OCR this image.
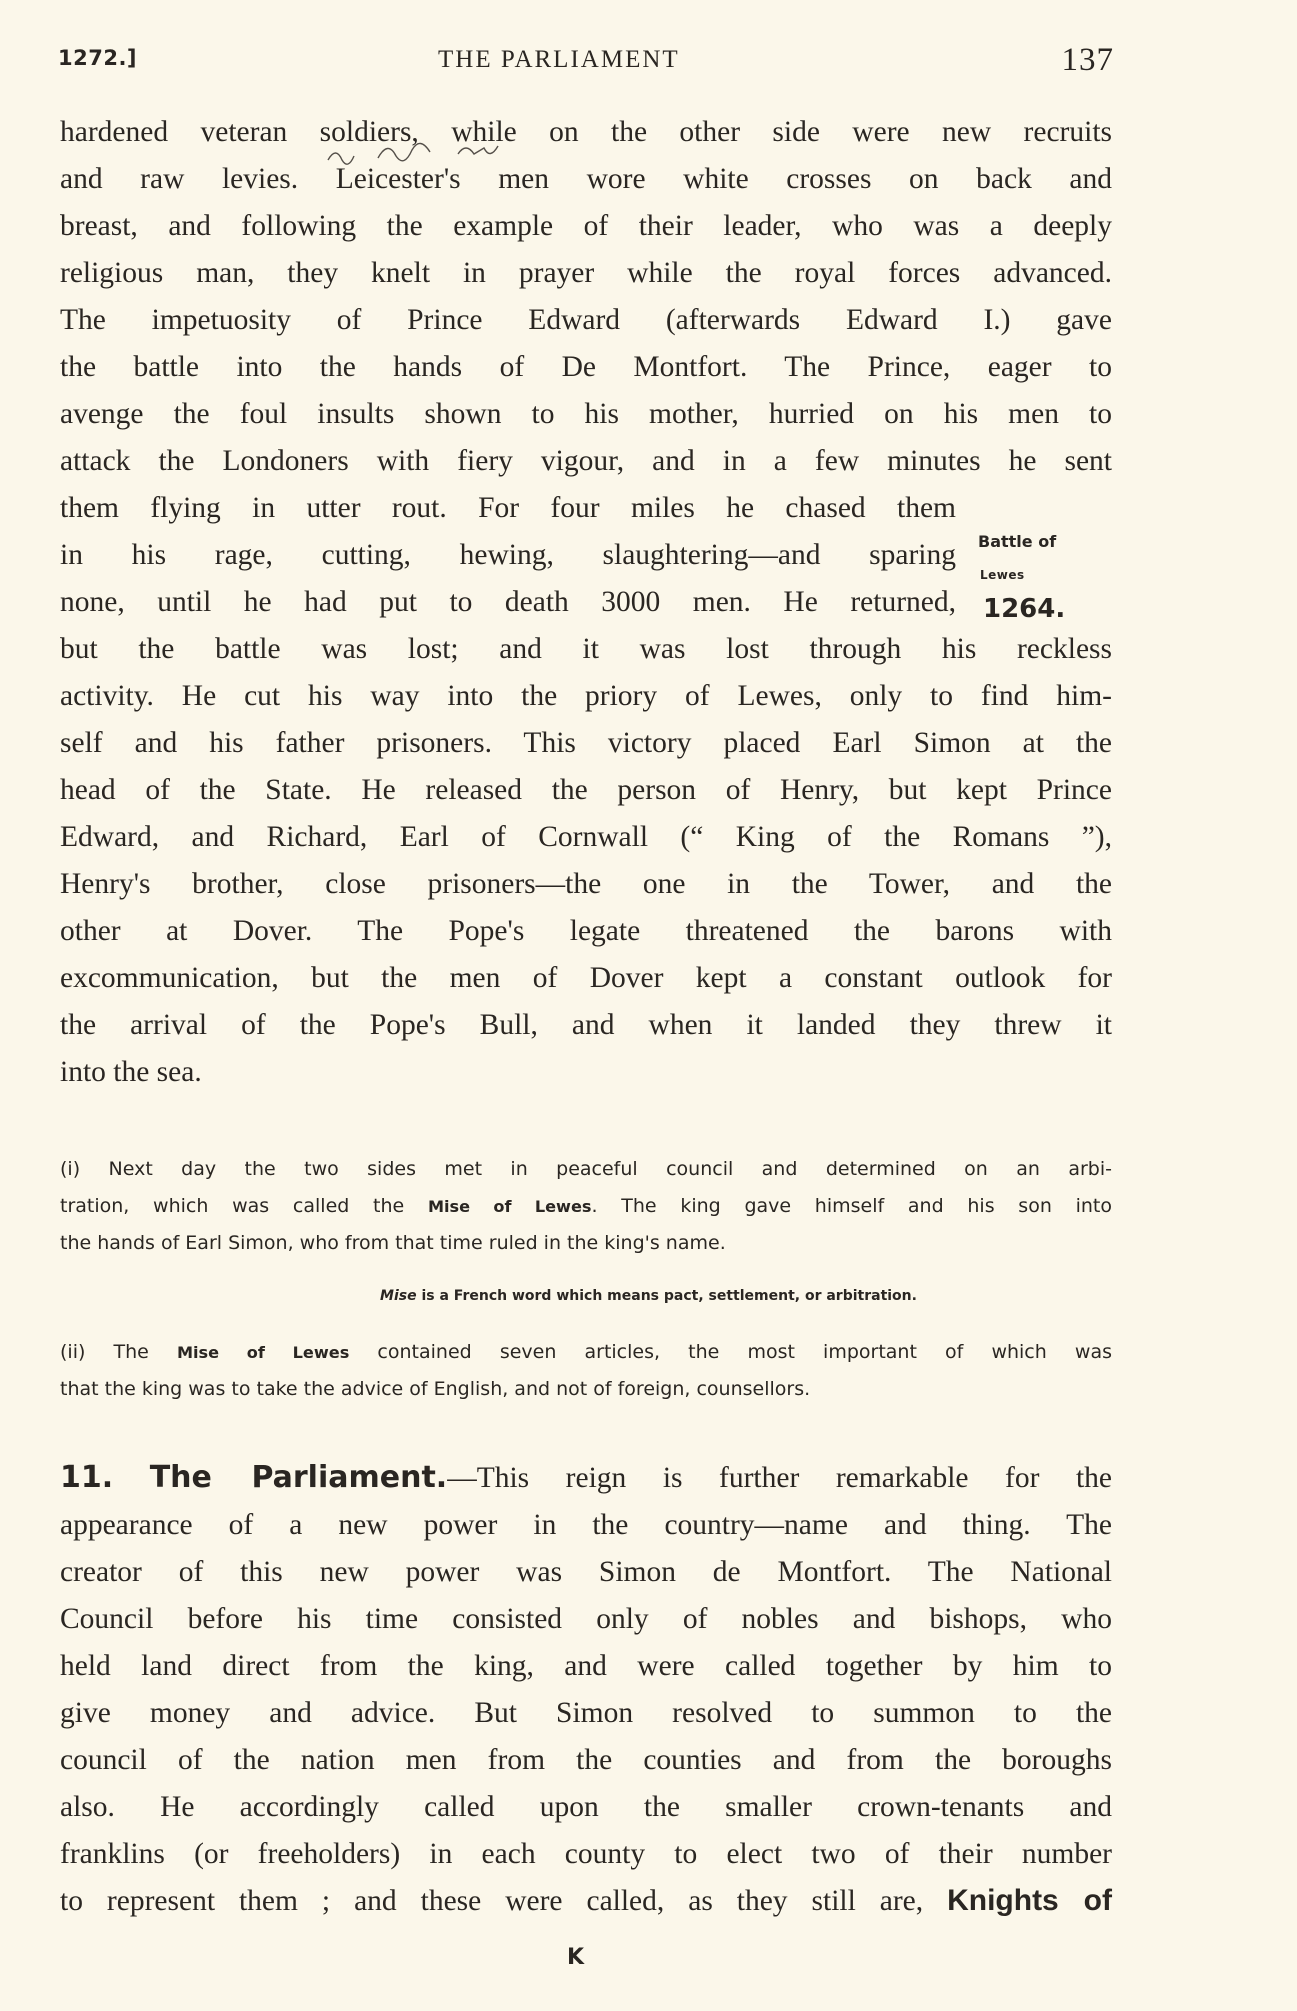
1272.]	THE PARLIAMENT	137
hardened veteran soldiers, while on the other side were new recruits
and raw levies. Leicester's men wore white crosses on back and
breast, and following the example of their leader, who was a deeply
religious man, they knelt in prayer while the royal forces advanced.
The impetuosity of Prince Edward (afterwards Edward I.) gave
the battle into the hands of De Montfort. The Prince, eager to
avenge the foul insults shown to his mother, hurried on his men to
attack the Londoners with fiery vigour, and in a few minutes he sent
them flying in utter rout. For four miles he chased them
in his rage, cutting, hewing, slaughtering—and sparing
none, until he had put to death 3000 men. He returned,
but the battle was lost; and it was lost through his reckless
activity. He cut his way into the priory of Lewes, only to find him-
self and his father prisoners. This victory placed Earl Simon at the
head of the State. He released the person of Henry, but kept Prince
Edward, and Richard, Earl of Cornwall (“ King of the Romans ”),
Henry's brother, close prisoners—the one in the Tower, and the
other at Dover. The Pope's legate threatened the barons with
excommunication, but the men of Dover kept a constant outlook for
the arrival of the Pope's Bull, and when it landed they threw it
into the sea.
Battle of
Lewes
1264.
(i) Next day the two sides met in peaceful council and determined on an arbi-
tration, which was called the Mise of Lewes. The king gave himself and his son into
the hands of Earl Simon, who from that time ruled in the king's name.
Mise is a French word which means pact, settlement, or arbitration.
(ii) The Mise of Lewes contained seven articles, the most important of which was
that the king was to take the advice of English, and not of foreign, counsellors.
11. The Parliament.—This reign is further remarkable for the
appearance of a new power in the country—name and thing. The
creator of this new power was Simon de Montfort. The National
Council before his time consisted only of nobles and bishops, who
held land direct from the king, and were called together by him to
give money and advice. But Simon resolved to summon to the
council of the nation men from the counties and from the boroughs
also. He accordingly called upon the smaller crown-tenants and
franklins (or freeholders) in each county to elect two of their number
to represent them ; and these were called, as they still are, Knights of
K
